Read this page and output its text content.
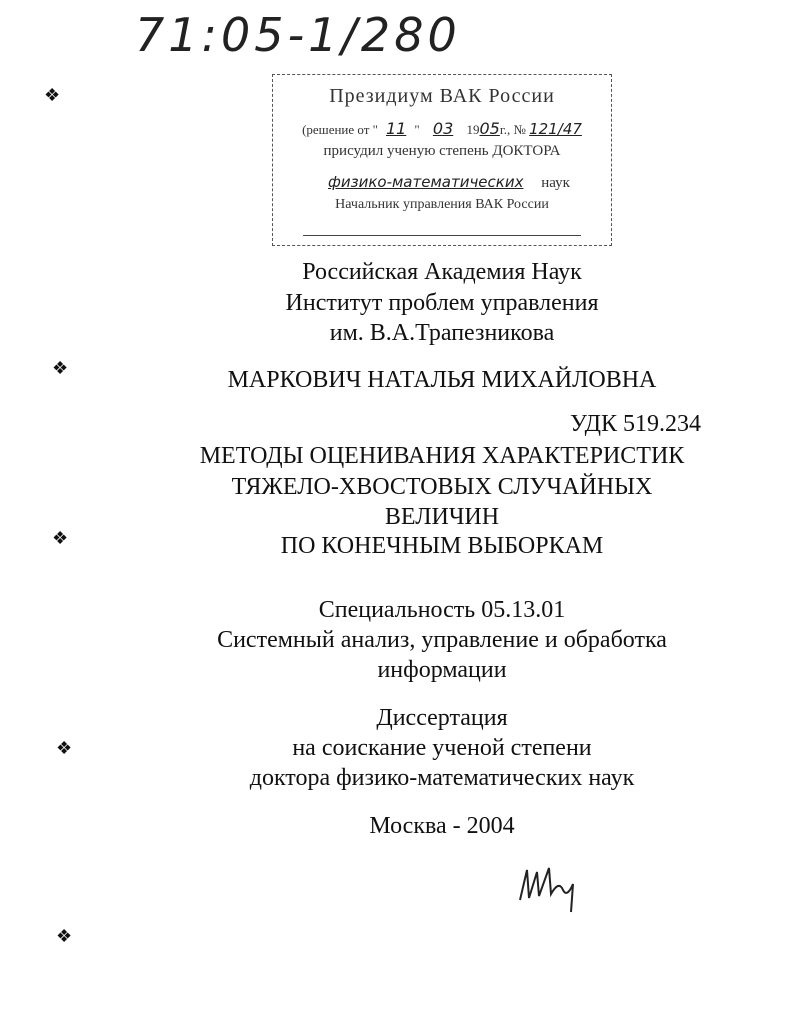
71:05-1/280
Президиум ВАК России
(решение от " 11 " 03 1905г., № 121/47
присудил ученую степень ДОКТОРА
физико-математических наук
Начальник управления ВАК России
Российская Академия Наук
Институт проблем управления
им. В.А.Трапезникова
МАРКОВИЧ НАТАЛЬЯ МИХАЙЛОВНА
УДК 519.234
МЕТОДЫ ОЦЕНИВАНИЯ ХАРАКТЕРИСТИК
ТЯЖЕЛО-ХВОСТОВЫХ СЛУЧАЙНЫХ
ВЕЛИЧИН
ПО КОНЕЧНЫМ ВЫБОРКАМ
Специальность 05.13.01
Системный анализ, управление и обработка
информации
Диссертация
на соискание ученой степени
доктора физико-математических наук
Москва - 2004
❖
❖
❖
❖
❖
